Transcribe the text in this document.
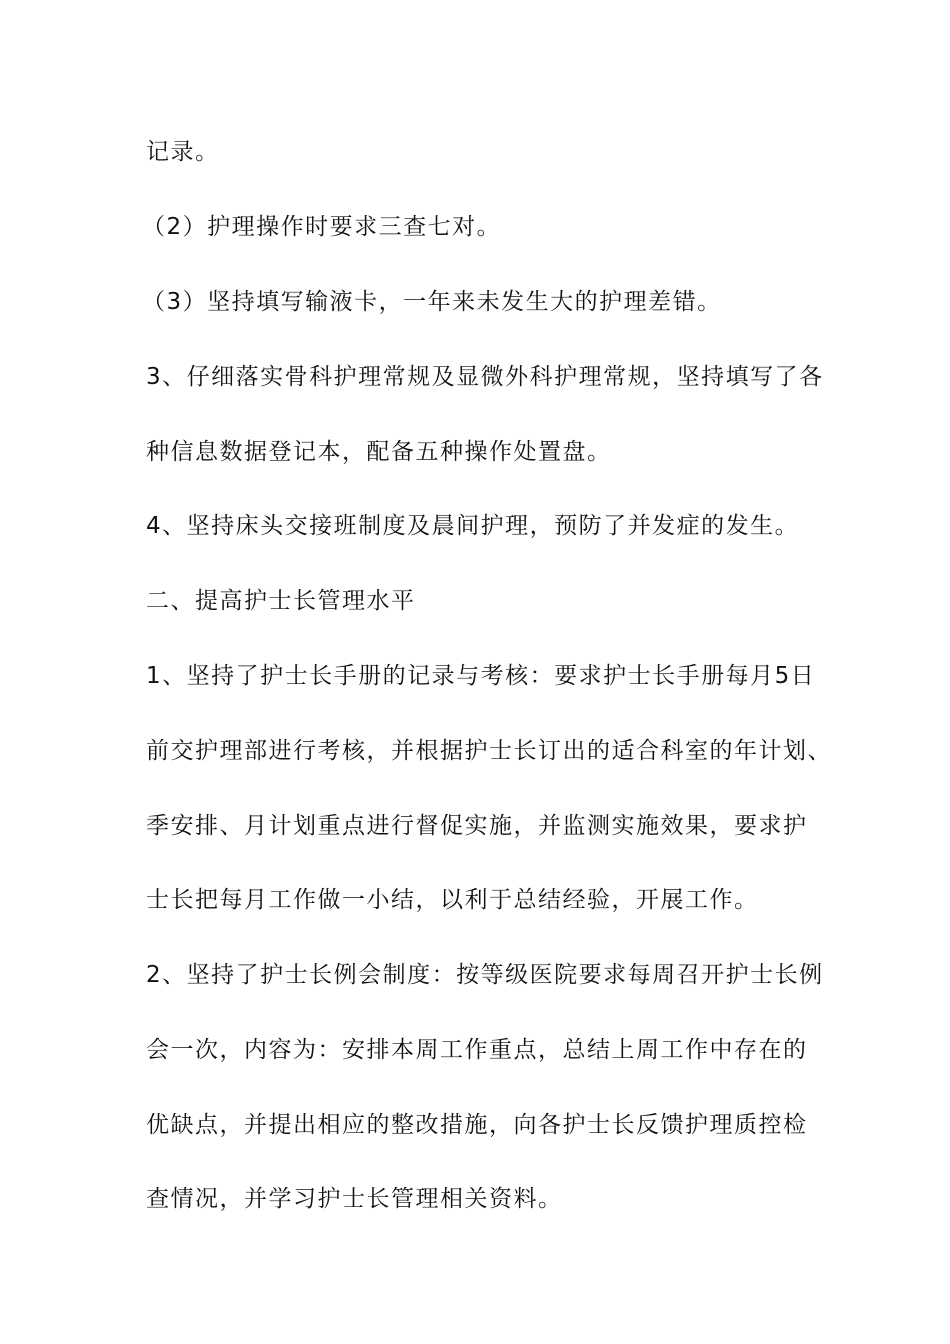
记录。
（2）护理操作时要求三查七对。
（3）坚持填写输液卡，一年来未发生大的护理差错。
3、仔细落实骨科护理常规及显微外科护理常规，坚持填写了各
种信息数据登记本，配备五种操作处置盘。
4、坚持床头交接班制度及晨间护理，预防了并发症的发生。
二、提高护士长管理水平
1、坚持了护士长手册的记录与考核：要求护士长手册每月5日
前交护理部进行考核，并根据护士长订出的适合科室的年计划、
季安排、月计划重点进行督促实施，并监测实施效果，要求护
士长把每月工作做一小结，以利于总结经验，开展工作。
2、坚持了护士长例会制度：按等级医院要求每周召开护士长例
会一次，内容为：安排本周工作重点，总结上周工作中存在的
优缺点，并提出相应的整改措施，向各护士长反馈护理质控检
查情况，并学习护士长管理相关资料。
